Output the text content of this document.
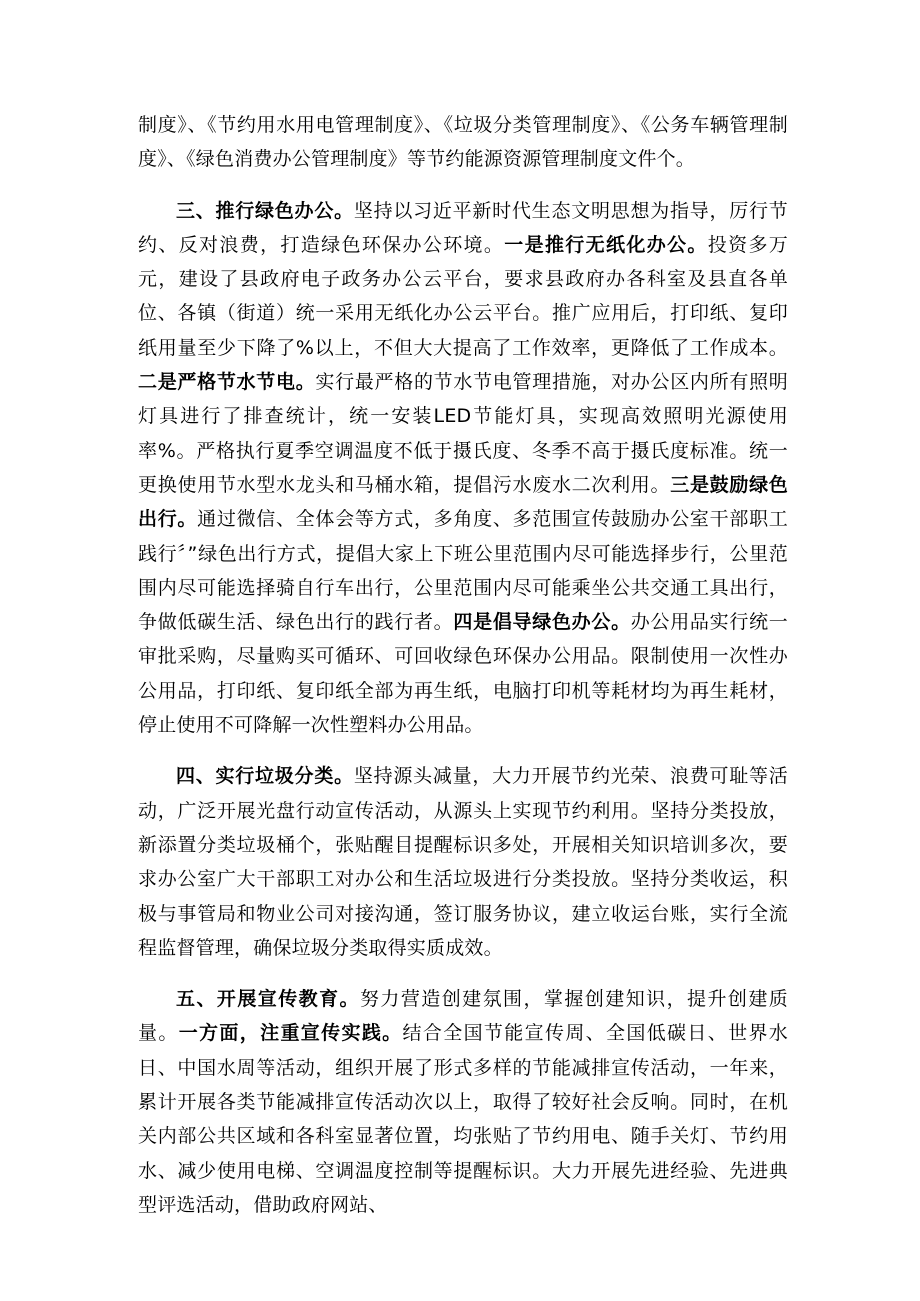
制度》、《节约用水用电管理制度》、《垃圾分类管理制度》、《公务车辆管理制度》、《绿色消费办公管理制度》等节约能源资源管理制度文件个。

三、推行绿色办公。坚持以习近平新时代生态文明思想为指导，厉行节约、反对浪费，打造绿色环保办公环境。一是推行无纸化办公。投资多万元，建设了县政府电子政务办公云平台，要求县政府办各科室及县直各单位、各镇（街道）统一采用无纸化办公云平台。推广应用后，打印纸、复印纸用量至少下降了%以上，不但大大提高了工作效率，更降低了工作成本。二是严格节水节电。实行最严格的节水节电管理措施，对办公区内所有照明灯具进行了排查统计，统一安装LED节能灯具，实现高效照明光源使用率%。严格执行夏季空调温度不低于摄氏度、冬季不高于摄氏度标准。统一更换使用节水型水龙头和马桶水箱，提倡污水废水二次利用。三是鼓励绿色出行。通过微信、全体会等方式，多角度、多范围宣传鼓励办公室干部职工践行〞”绿色出行方式，提倡大家上下班公里范围内尽可能选择步行，公里范围内尽可能选择骑自行车出行，公里范围内尽可能乘坐公共交通工具出行，争做低碳生活、绿色出行的践行者。四是倡导绿色办公。办公用品实行统一审批采购，尽量购买可循环、可回收绿色环保办公用品。限制使用一次性办公用品，打印纸、复印纸全部为再生纸，电脑打印机等耗材均为再生耗材，停止使用不可降解一次性塑料办公用品。

四、实行垃圾分类。坚持源头减量，大力开展节约光荣、浪费可耻等活动，广泛开展光盘行动宣传活动，从源头上实现节约利用。坚持分类投放，新添置分类垃圾桶个，张贴醒目提醒标识多处，开展相关知识培训多次，要求办公室广大干部职工对办公和生活垃圾进行分类投放。坚持分类收运，积极与事管局和物业公司对接沟通，签订服务协议，建立收运台账，实行全流程监督管理，确保垃圾分类取得实质成效。

五、开展宣传教育。努力营造创建氛围，掌握创建知识，提升创建质量。一方面，注重宣传实践。结合全国节能宣传周、全国低碳日、世界水日、中国水周等活动，组织开展了形式多样的节能减排宣传活动，一年来，累计开展各类节能减排宣传活动次以上，取得了较好社会反响。同时，在机关内部公共区域和各科室显著位置，均张贴了节约用电、随手关灯、节约用水、减少使用电梯、空调温度控制等提醒标识。大力开展先进经验、先进典型评选活动，借助政府网站、
